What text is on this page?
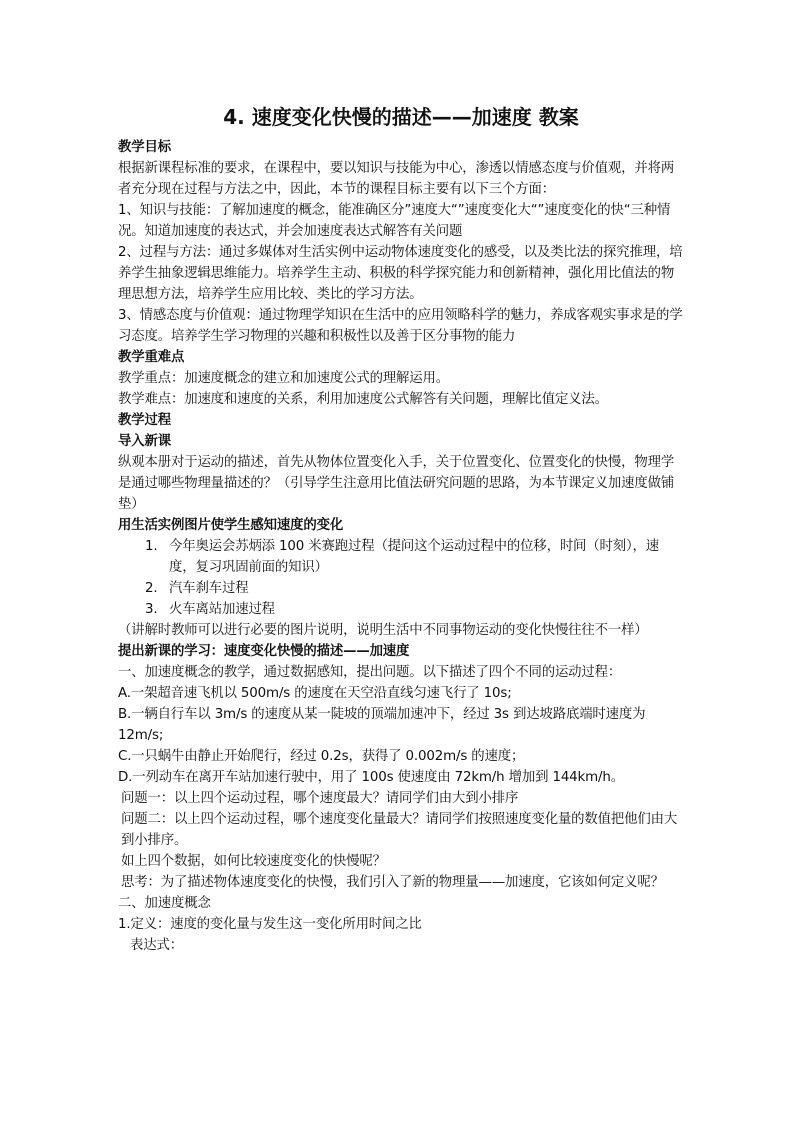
4. 速度变化快慢的描述——加速度 教案

教学目标

根据新课程标准的要求，在课程中，要以知识与技能为中心，渗透以情感态度与价值观，并将两者充分现在过程与方法之中，因此，本节的课程目标主要有以下三个方面：

1、知识与技能：了解加速度的概念，能准确区分”速度大“”速度变化大“”速度变化的快“三种情况。知道加速度的表达式，并会加速度表达式解答有关问题

2、过程与方法：通过多媒体对生活实例中运动物体速度变化的感受，以及类比法的探究推理，培养学生抽象逻辑思维能力。培养学生主动、积极的科学探究能力和创新精神，强化用比值法的物理思想方法，培养学生应用比较、类比的学习方法。

3、情感态度与价值观：通过物理学知识在生活中的应用领略科学的魅力，养成客观实事求是的学习态度。培养学生学习物理的兴趣和积极性以及善于区分事物的能力

教学重难点

教学重点：加速度概念的建立和加速度公式的理解运用。

教学难点：加速度和速度的关系，利用加速度公式解答有关问题，理解比值定义法。

教学过程

导入新课

纵观本册对于运动的描述，首先从物体位置变化入手，关于位置变化、位置变化的快慢，物理学是通过哪些物理量描述的？（引导学生注意用比值法研究问题的思路，为本节课定义加速度做铺垫）

用生活实例图片使学生感知速度的变化

1. 今年奥运会苏炳添 100 米赛跑过程（提问这个运动过程中的位移，时间（时刻），速度，复习巩固前面的知识）
2. 汽车刹车过程
3. 火车离站加速过程

（讲解时教师可以进行必要的图片说明，说明生活中不同事物运动的变化快慢往往不一样）

提出新课的学习：速度变化快慢的描述——加速度

一、加速度概念的教学，通过数据感知，提出问题。以下描述了四个不同的运动过程：

A.一架超音速飞机以 500m/s 的速度在天空沿直线匀速飞行了 10s;

B.一辆自行车以 3m/s 的速度从某一陡坡的顶端加速冲下，经过 3s 到达坡路底端时速度为 12m/s;

C.一只蜗牛由静止开始爬行，经过 0.2s，获得了 0.002m/s 的速度；

D.一列动车在离开车站加速行驶中，用了 100s 使速度由 72km/h 增加到 144km/h。

问题一：以上四个运动过程，哪个速度最大？请同学们由大到小排序

问题二：以上四个运动过程，哪个速度变化量最大？请同学们按照速度变化量的数值把他们由大到小排序。

如上四个数据，如何比较速度变化的快慢呢？

思考：为了描述物体速度变化的快慢，我们引入了新的物理量——加速度，它该如何定义呢？

二、加速度概念

1.定义：速度的变化量与发生这一变化所用时间之比

表达式：
